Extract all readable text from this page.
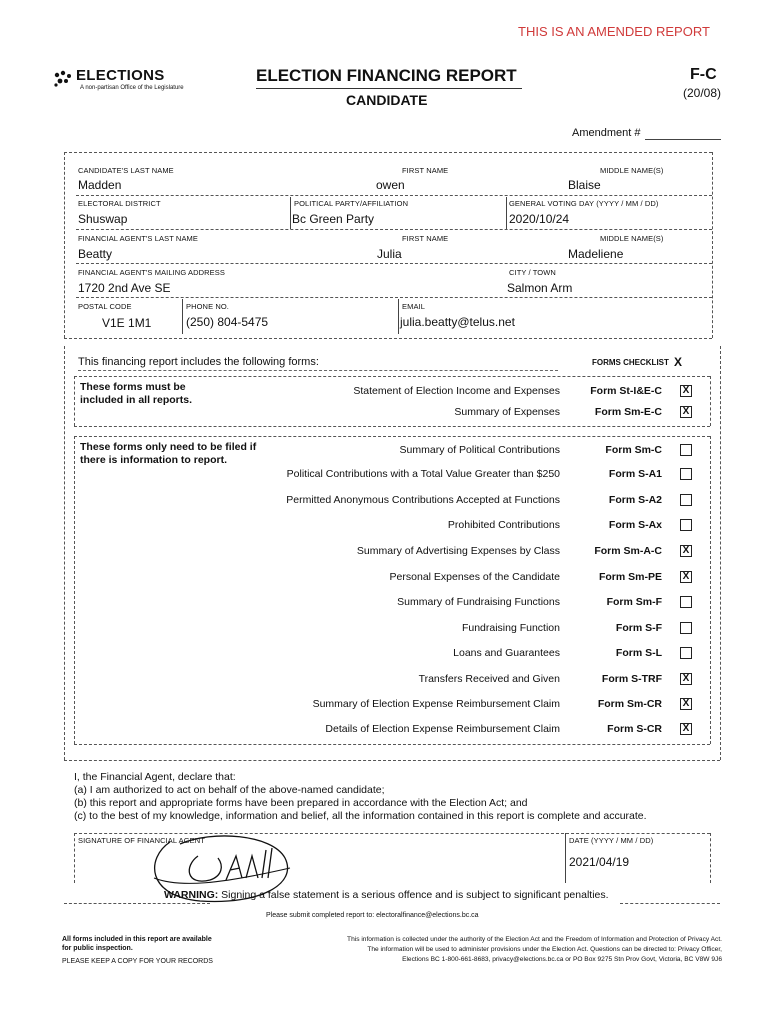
THIS IS AN AMENDED REPORT
ELECTIONS
A non-partisan Office of the Legislature
ELECTION FINANCING REPORT
CANDIDATE
F-C
(20/08)
Amendment #
CANDIDATE'S LAST NAME	FIRST NAME	MIDDLE NAME(S)
Madden	owen	Blaise
ELECTORAL DISTRICT	POLITICAL PARTY/AFFILIATION	GENERAL VOTING DAY (YYYY / MM / DD)
Shuswap	Bc Green Party	2020/10/24
FINANCIAL AGENT'S LAST NAME	FIRST NAME	MIDDLE NAME(S)
Beatty	Julia	Madeliene
FINANCIAL AGENT'S MAILING ADDRESS	CITY / TOWN
1720 2nd Ave SE	Salmon Arm
POSTAL CODE	PHONE NO.	EMAIL
V1E 1M1	(250) 804-5475	julia.beatty@telus.net
This financing report includes the following forms:	FORMS CHECKLIST X
These forms must be included in all reports.
Statement of Election Income and Expenses	Form St-I&E-C X
Summary of Expenses	Form Sm-E-C X
These forms only need to be filed if there is information to report.
Summary of Political Contributions	Form Sm-C
Political Contributions with a Total Value Greater than $250	Form S-A1
Permitted Anonymous Contributions Accepted at Functions	Form S-A2
Prohibited Contributions	Form S-Ax
Summary of Advertising Expenses by Class	Form Sm-A-C X
Personal Expenses of the Candidate	Form Sm-PE X
Summary of Fundraising Functions	Form Sm-F
Fundraising Function	Form S-F
Loans and Guarantees	Form S-L
Transfers Received and Given	Form S-TRF X
Summary of Election Expense Reimbursement Claim	Form Sm-CR X
Details of Election Expense Reimbursement Claim	Form S-CR X
I, the Financial Agent, declare that:
(a) I am authorized to act on behalf of the above-named candidate;
(b) this report and appropriate forms have been prepared in accordance with the Election Act; and
(c) to the best of my knowledge, information and belief, all the information contained in this report is complete and accurate.
SIGNATURE OF FINANCIAL AGENT	DATE (YYYY / MM / DD)
2021/04/19
WARNING: Signing a false statement is a serious offence and is subject to significant penalties.
Please submit completed report to: electoralfinance@elections.bc.ca
All forms included in this report are available
for public inspection.
PLEASE KEEP A COPY FOR YOUR RECORDS
This information is collected under the authority of the Election Act and the Freedom of Information and Protection of Privacy Act.
The information will be used to administer provisions under the Election Act. Questions can be directed to: Privacy Officer,
Elections BC 1-800-661-8683, privacy@elections.bc.ca or PO Box 9275 Stn Prov Govt, Victoria, BC V8W 9J6
